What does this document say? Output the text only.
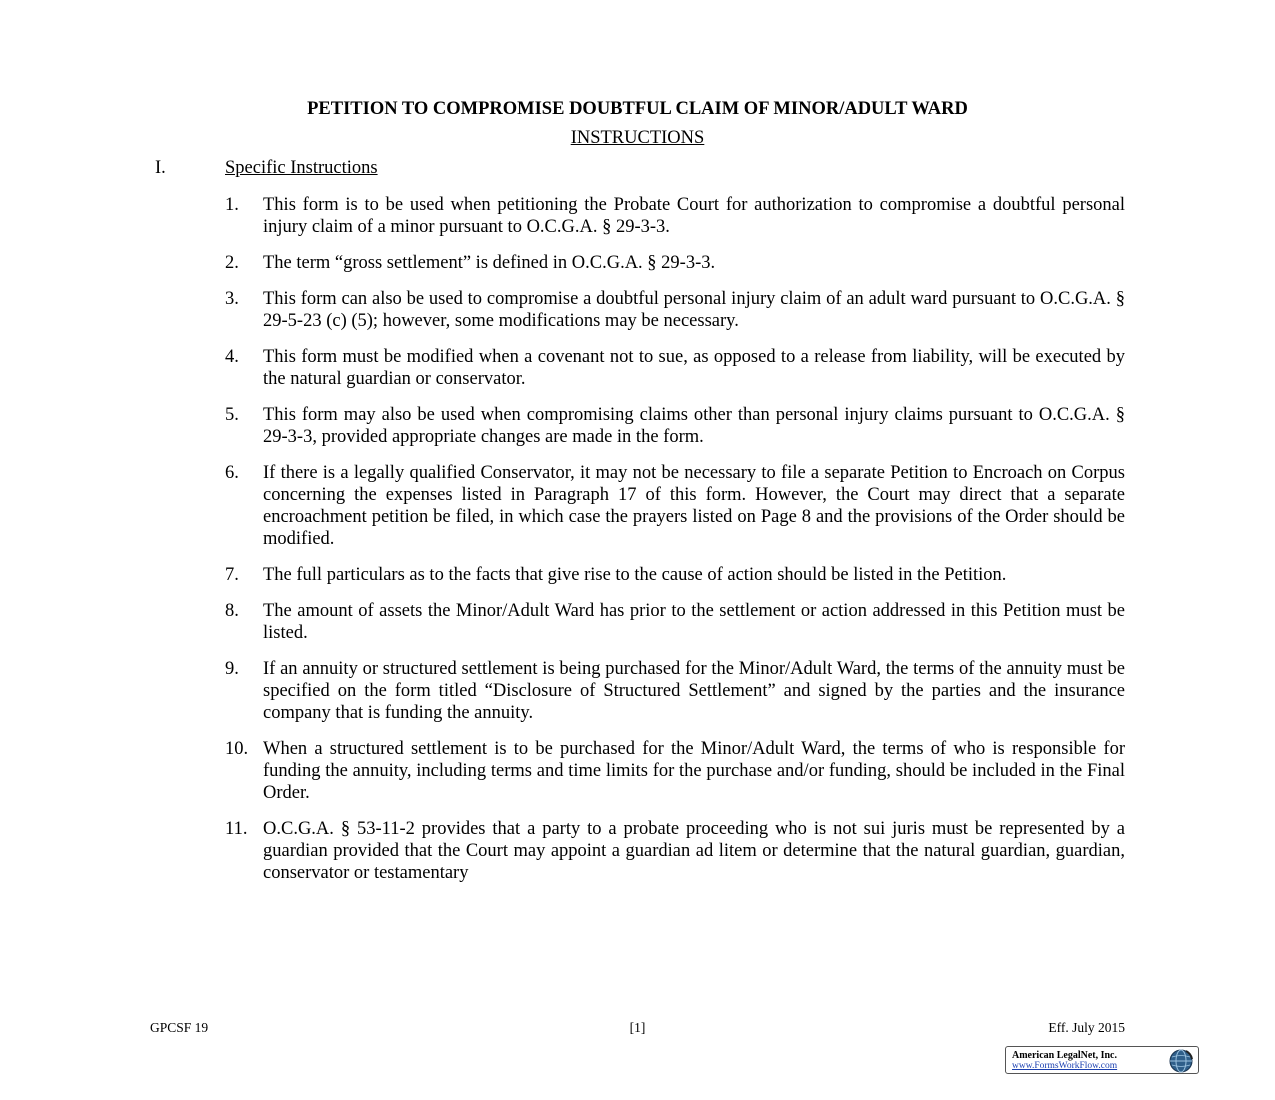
PETITION TO COMPROMISE DOUBTFUL CLAIM OF MINOR/ADULT WARD
INSTRUCTIONS
I.	Specific Instructions
1.	This form is to be used when petitioning the Probate Court for authorization to compromise a doubtful personal injury claim of a minor pursuant to O.C.G.A. § 29-3-3.
2.	The term “gross settlement” is defined in O.C.G.A. § 29-3-3.
3.	This form can also be used to compromise a doubtful personal injury claim of an adult ward pursuant to O.C.G.A. § 29-5-23 (c) (5); however, some modifications may be necessary.
4.	This form must be modified when a covenant not to sue, as opposed to a release from liability, will be executed by the natural guardian or conservator.
5.	This form may also be used when compromising claims other than personal injury claims pursuant to O.C.G.A. § 29-3-3, provided appropriate changes are made in the form.
6.	If there is a legally qualified Conservator, it may not be necessary to file a separate Petition to Encroach on Corpus concerning the expenses listed in Paragraph 17 of this form. However, the Court may direct that a separate encroachment petition be filed, in which case the prayers listed on Page 8 and the provisions of the Order should be modified.
7.	The full particulars as to the facts that give rise to the cause of action should be listed in the Petition.
8.	The amount of assets the Minor/Adult Ward has prior to the settlement or action addressed in this Petition must be listed.
9.	If an annuity or structured settlement is being purchased for the Minor/Adult Ward, the terms of the annuity must be specified on the form titled “Disclosure of Structured Settlement” and signed by the parties and the insurance company that is funding the annuity.
10. When a structured settlement is to be purchased for the Minor/Adult Ward, the terms of who is responsible for funding the annuity, including terms and time limits for the purchase and/or funding, should be included in the Final Order.
11. O.C.G.A. § 53-11-2 provides that a party to a probate proceeding who is not sui juris must be represented by a guardian provided that the Court may appoint a guardian ad litem or determine that the natural guardian, guardian, conservator or testamentary
GPCSF 19	[1]	Eff. July 2015
American LegalNet, Inc.
www.FormsWorkFlow.com
